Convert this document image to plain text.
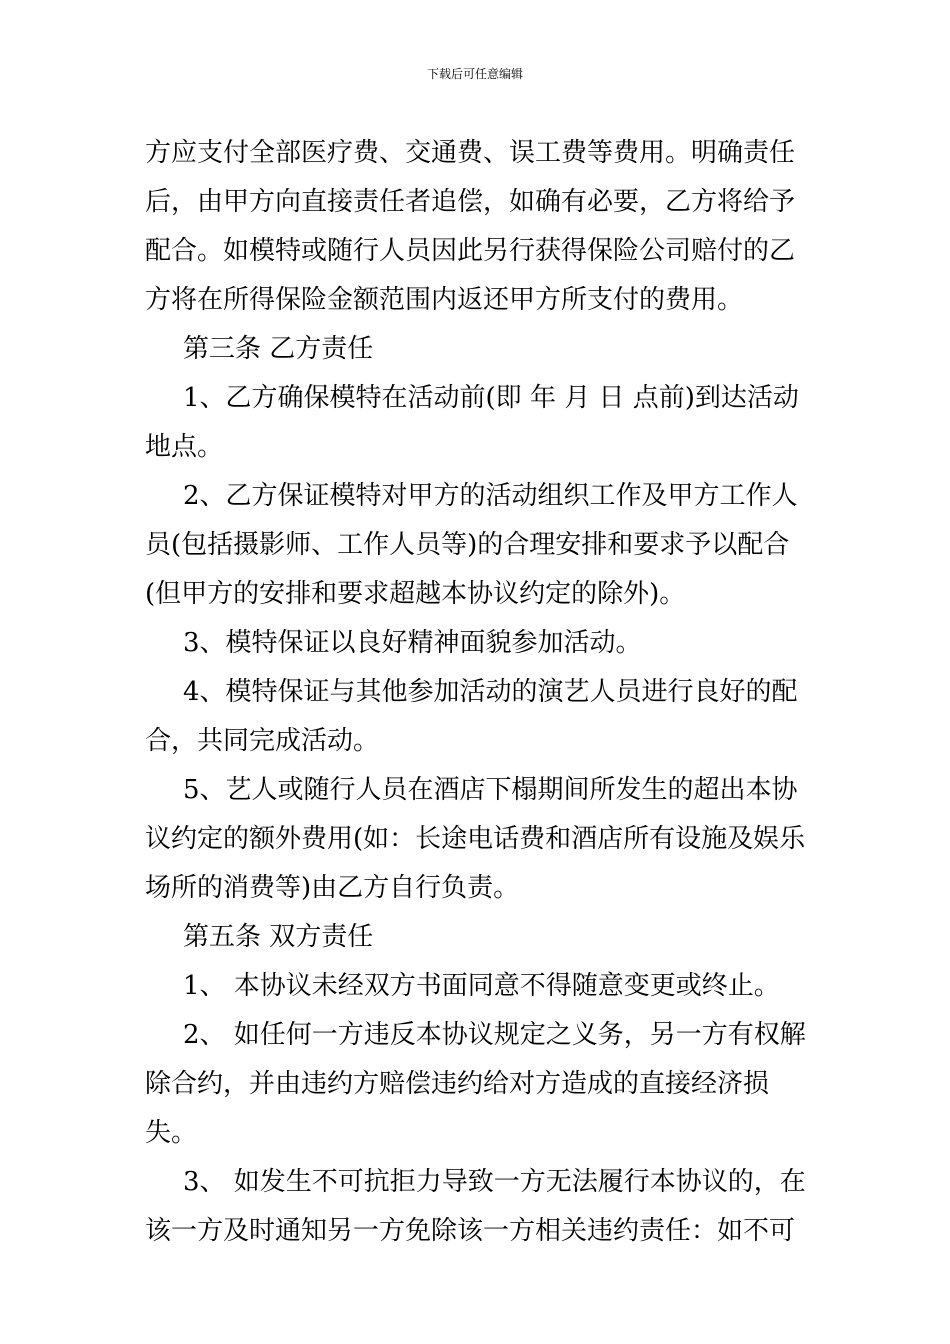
下载后可任意编辑

方应支付全部医疗费、交通费、误工费等费用。明确责任后，由甲方向直接责任者追偿，如确有必要，乙方将给予配合。如模特或随行人员因此另行获得保险公司赔付的乙方将在所得保险金额范围内返还甲方所支付的费用。

第三条 乙方责任

1、乙方确保模特在活动前(即 年 月 日 点前)到达活动地点。

2、乙方保证模特对甲方的活动组织工作及甲方工作人员(包括摄影师、工作人员等)的合理安排和要求予以配合(但甲方的安排和要求超越本协议约定的除外)。

3、模特保证以良好精神面貌参加活动。

4、模特保证与其他参加活动的演艺人员进行良好的配合，共同完成活动。

5、艺人或随行人员在酒店下榻期间所发生的超出本协议约定的额外费用(如：长途电话费和酒店所有设施及娱乐场所的消费等)由乙方自行负责。

第五条 双方责任

1、 本协议未经双方书面同意不得随意变更或终止。

2、 如任何一方违反本协议规定之义务，另一方有权解除合约，并由违约方赔偿违约给对方造成的直接经济损失。

3、 如发生不可抗拒力导致一方无法履行本协议的，在该一方及时通知另一方免除该一方相关违约责任：如不可
